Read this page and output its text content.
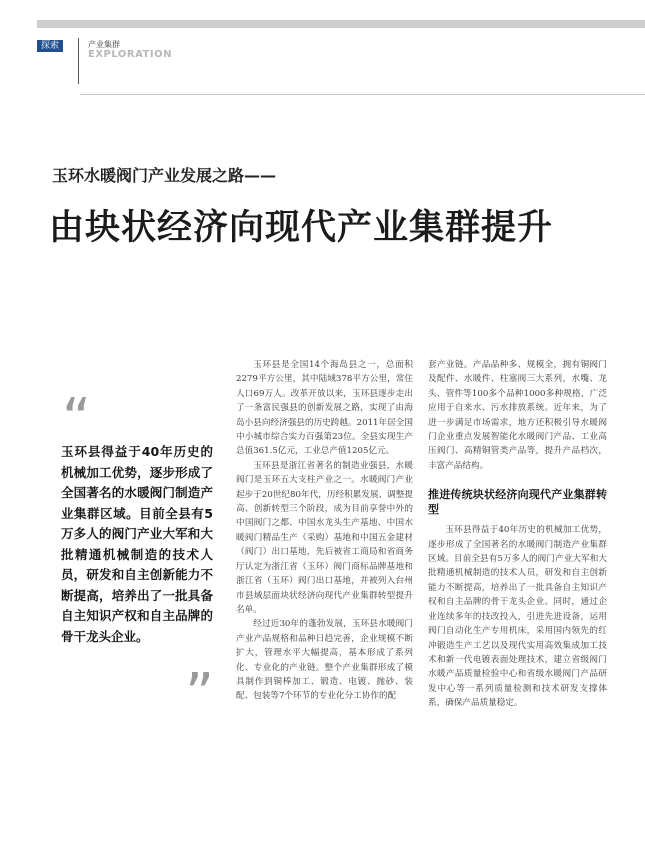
探索	产业集群
EXPLORATION
玉环水暖阀门产业发展之路——
由块状经济向现代产业集群提升
“
玉环县得益于40年历史的机械加工优势，逐步形成了全国著名的水暖阀门制造产业集群区域。目前全县有5万多人的阀门产业大军和大批精通机械制造的技术人员，研发和自主创新能力不断提高，培养出了一批具备自主知识产权和自主品牌的骨干龙头企业。
”

玉环县是全国14个海岛县之一，总面积2279平方公里，其中陆域378平方公里，常住人口69万人。改革开放以来，玉环县逐步走出了一条富民强县的创新发展之路，实现了由海岛小县向经济强县的历史跨越。2011年居全国中小城市综合实力百强第23位。全县实现生产总值361.5亿元，工业总产值1205亿元。

玉环县是浙江省著名的制造业强县，水暖阀门是玉环五大支柱产业之一。水暖阀门产业起步于20世纪80年代，历经积累发展、调整提高、创新转型三个阶段，成为目前享誉中外的中国阀门之都、中国水龙头生产基地、中国水暖阀门精品生产（采购）基地和中国五金建材（阀门）出口基地，先后被省工商局和省商务厅认定为浙江省（玉环）阀门商标品牌基地和浙江省（玉环）阀门出口基地，并被列入台州市县域层面块状经济向现代产业集群转型提升名单。

经过近30年的蓬勃发展，玉环县水暖阀门产业产品规格和品种日趋完善，企业规模不断扩大，管理水平大幅提高，基本形成了系列化、专业化的产业链。整个产业集群形成了模具制作到铜棒加工、锻造、电镀、抛砂、装配、包装等7个环节的专业化分工协作的配

套产业链。产品品种多、规模全，拥有铜阀门及配件、水暖件、柱塞阀三大系列，水嘴、龙头、管件等100多个品种1000多种规格，广泛应用于自来水、污水排放系统。近年来，为了进一步满足市场需求，地方还积极引导水暖阀门企业重点发展智能化水暖阀门产品、工业高压阀门、高精铜管类产品等，提升产品档次，丰富产品结构。

推进传统块状经济向现代产业集群转型

玉环县得益于40年历史的机械加工优势，逐步形成了全国著名的水暖阀门制造产业集群区域。目前全县有5万多人的阀门产业大军和大批精通机械制造的技术人员，研发和自主创新能力不断提高，培养出了一批具备自主知识产权和自主品牌的骨干龙头企业。同时，通过企业连续多年的技改投入，引进先进设备，运用阀门自动化生产专用机床，采用国内领先的红冲锻造生产工艺以及现代实用高效集成加工技术和新一代电镀表面处理技术，建立省级阀门水暖产品质量检验中心和省级水暖阀门产品研发中心等一系列质量检测和技术研发支撑体系，确保产品质量稳定。
